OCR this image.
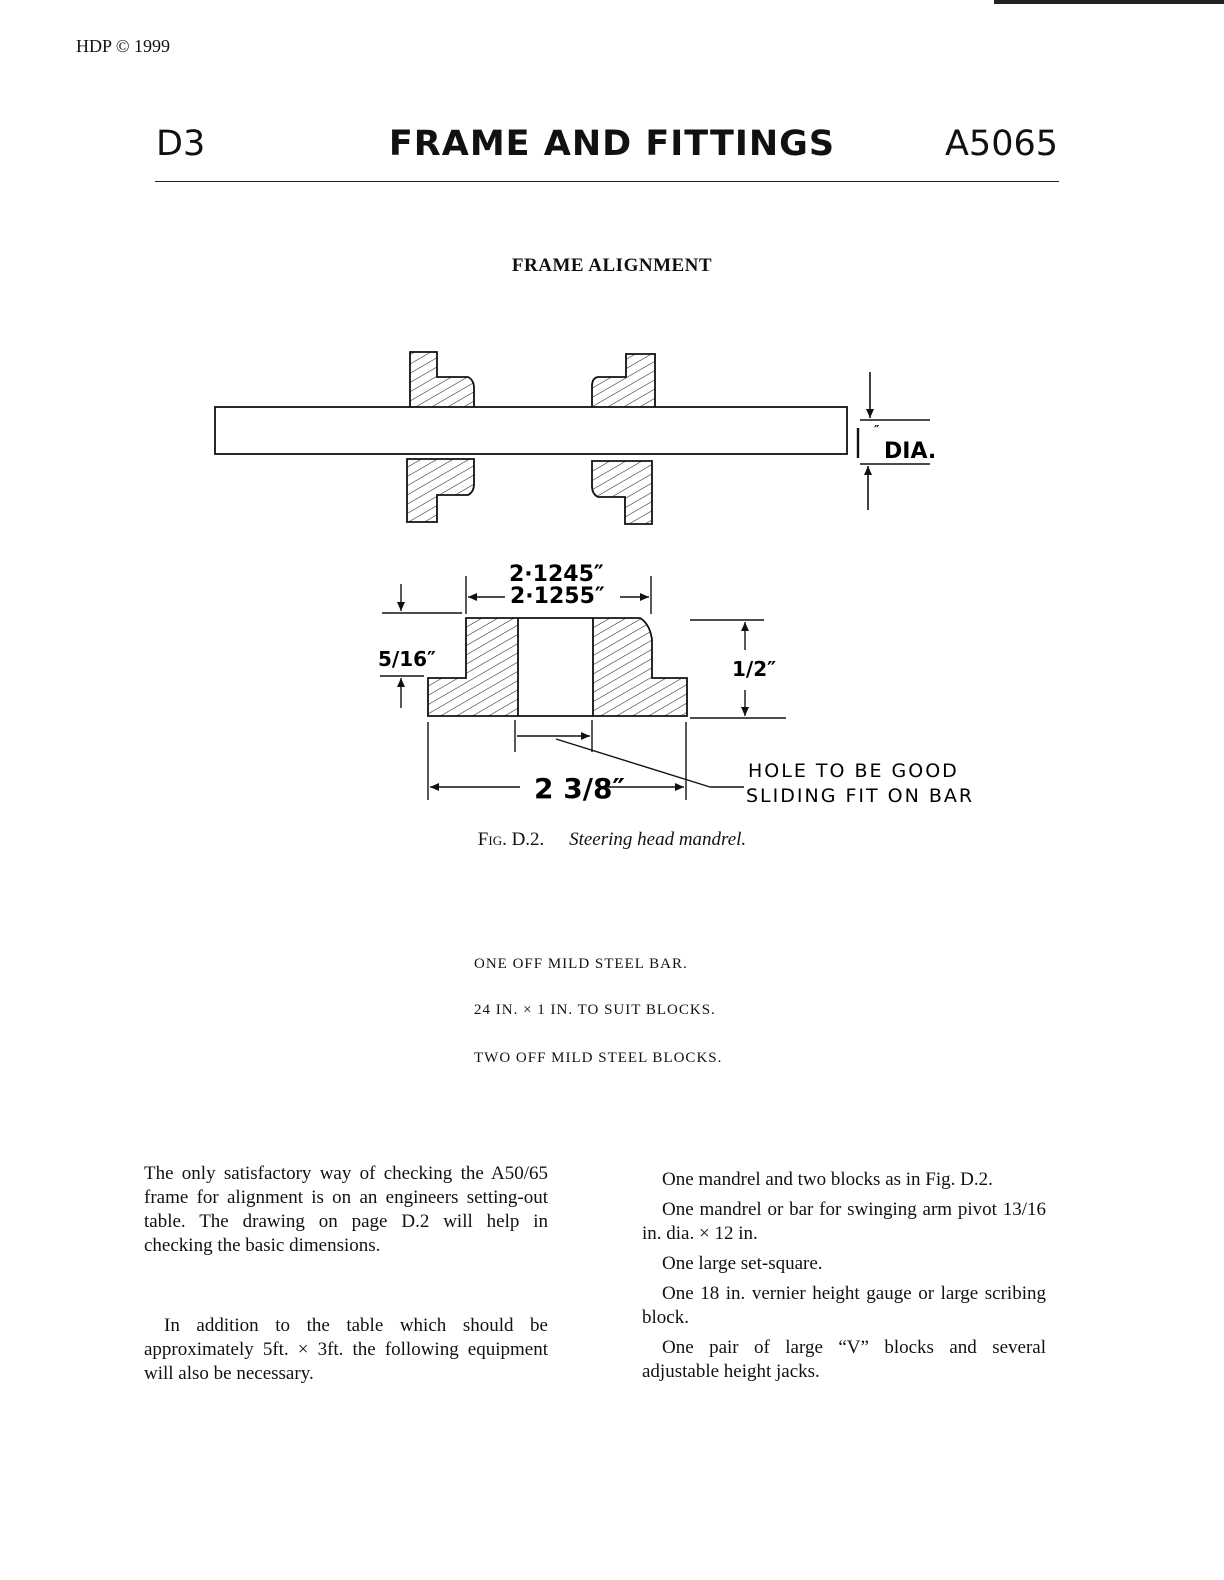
HDP © 1999
D3	FRAME AND FITTINGS	A5065
FRAME ALIGNMENT
″
DIA.
2·1245″
2·1255″
5/16″	1/2″
2 3/8″
HOLE TO BE GOOD
SLIDING FIT ON BAR
Fig. D.2. Steering head mandrel.
ONE OFF MILD STEEL BAR.
24 IN. × 1 IN. TO SUIT BLOCKS.
TWO OFF MILD STEEL BLOCKS.

The only satisfactory way of checking the A50/65 frame for alignment is on an engineers setting-out table. The drawing on page D.2 will help in checking the basic dimensions.

In addition to the table which should be approximately 5ft. × 3ft. the following equipment will also be necessary.

One mandrel and two blocks as in Fig. D.2.

One mandrel or bar for swinging arm pivot 13/16 in. dia. × 12 in.

One large set-square.

One 18 in. vernier height gauge or large scribing block.

One pair of large “V” blocks and several adjustable height jacks.
